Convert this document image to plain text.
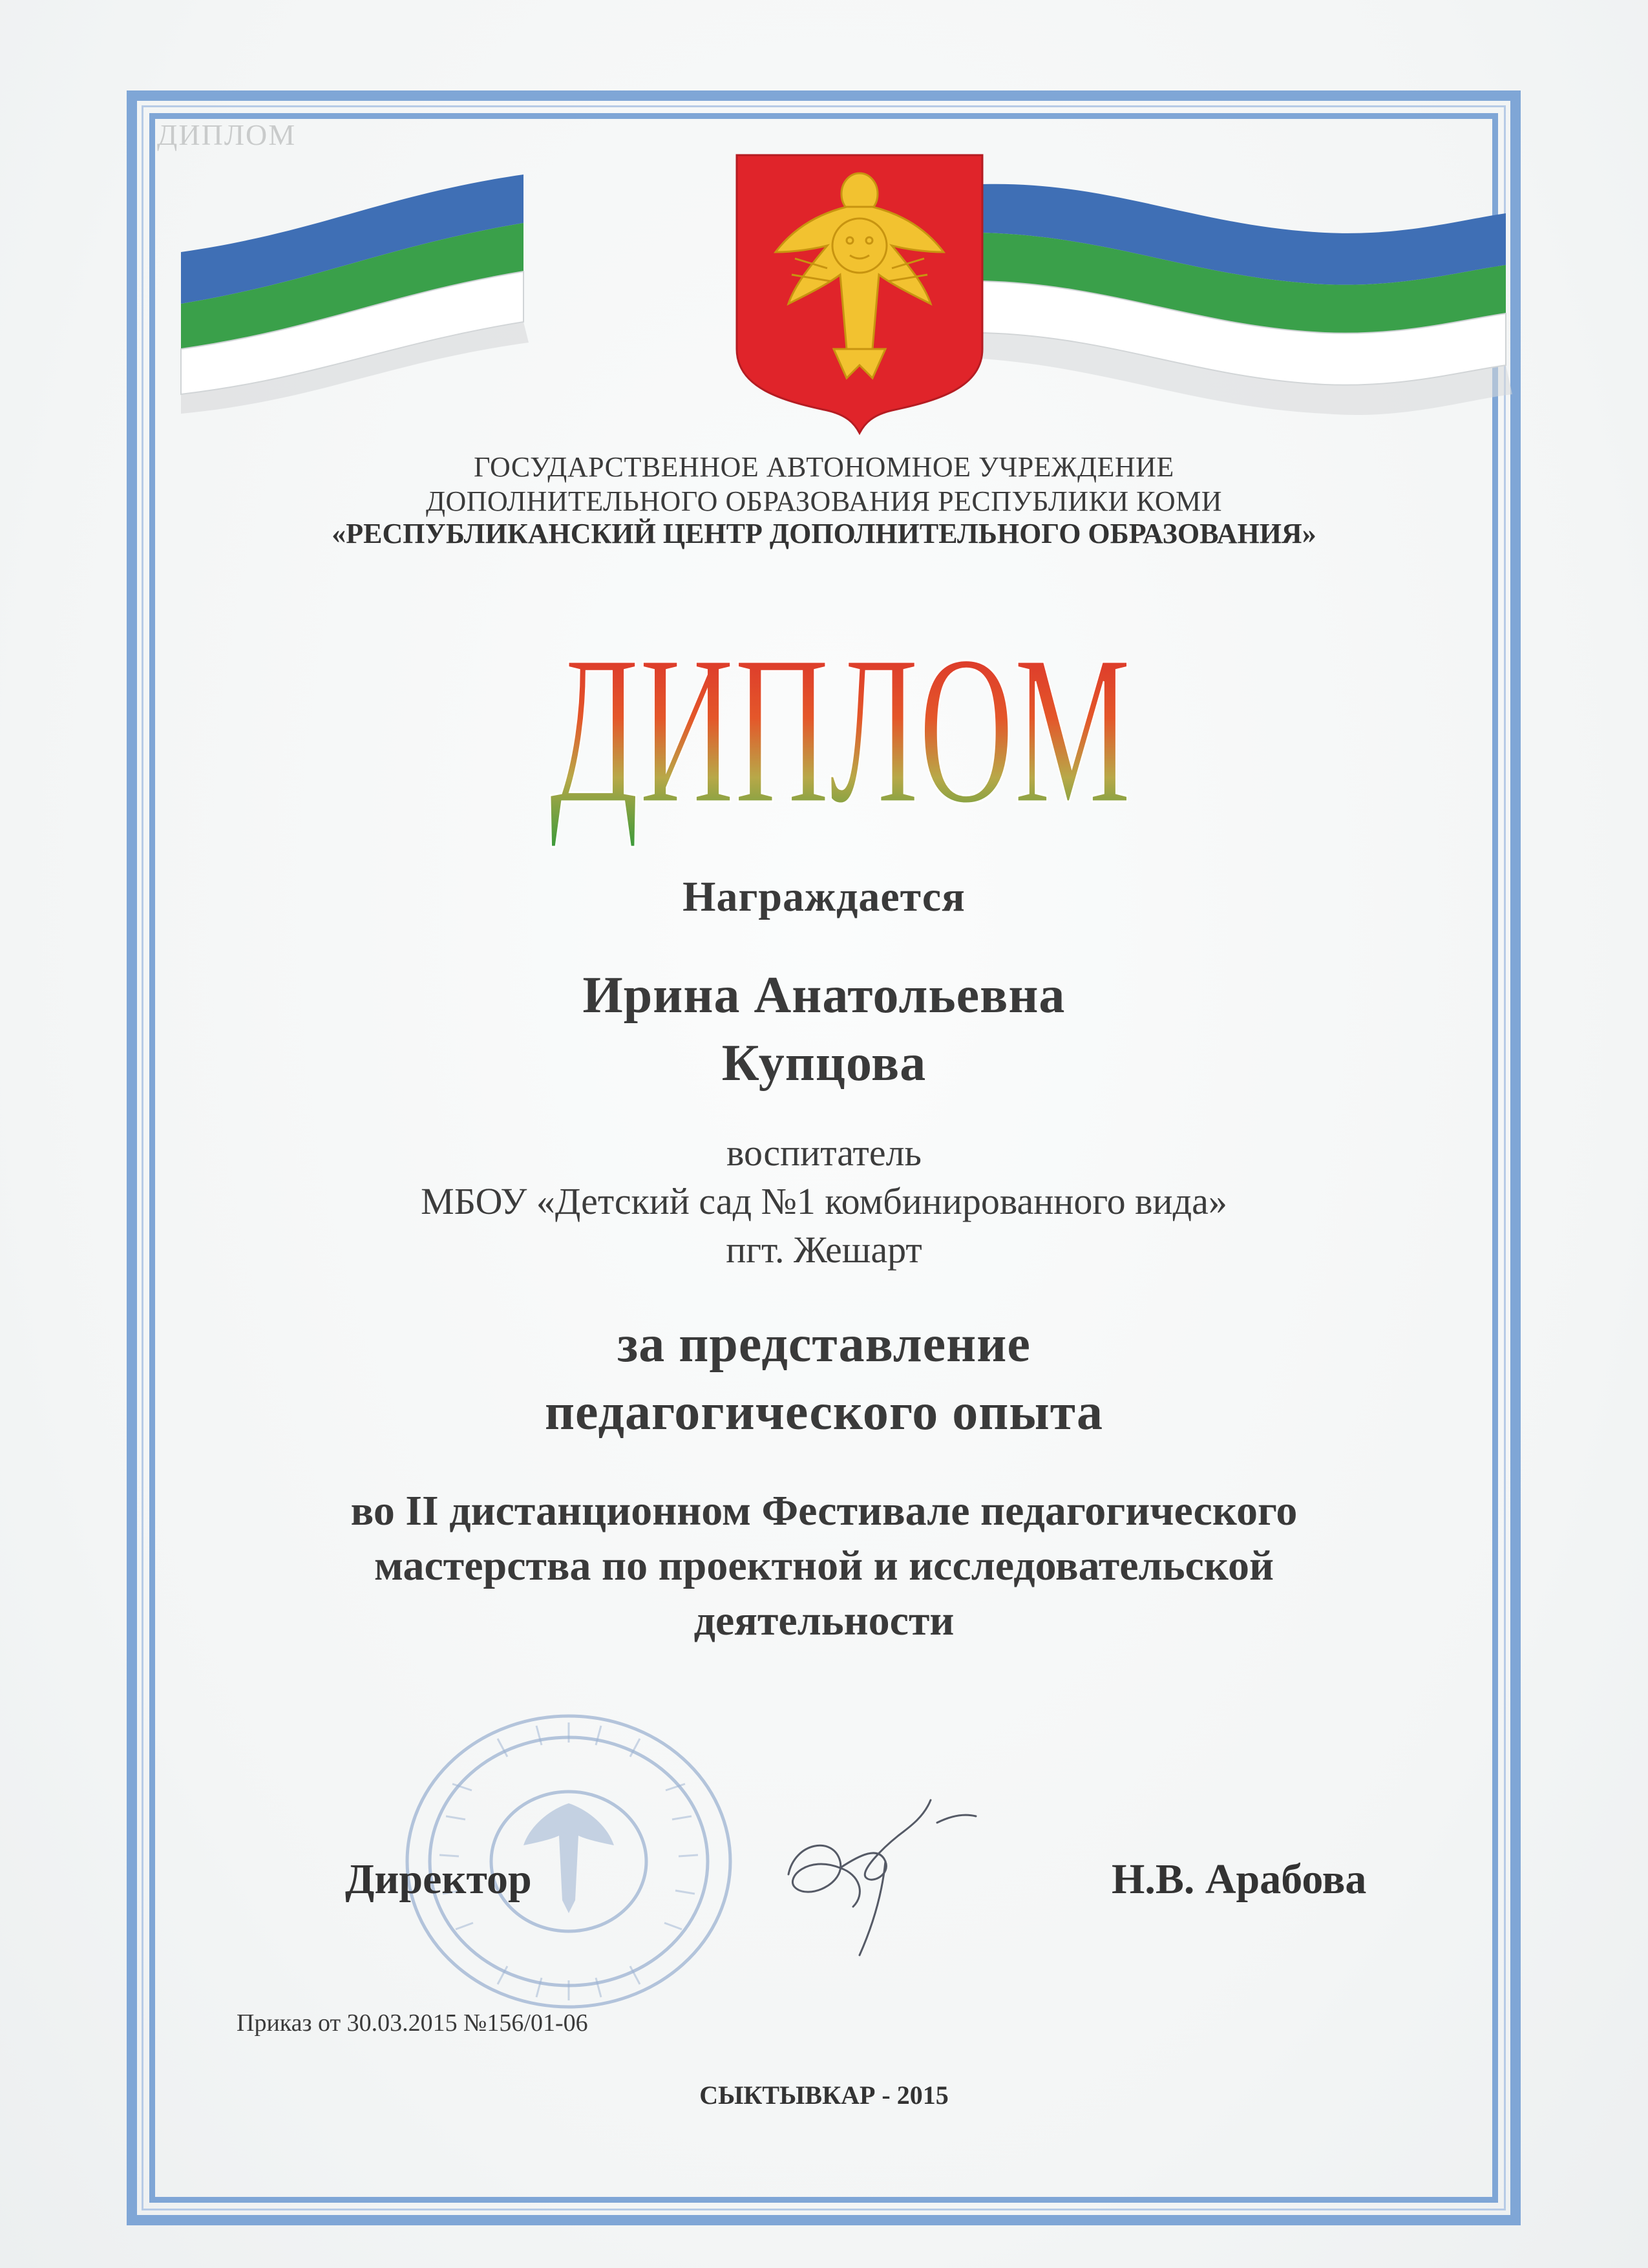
ДИПЛОМ
ГОСУДАРСТВЕННОЕ АВТОНОМНОЕ УЧРЕЖДЕНИЕ
ДОПОЛНИТЕЛЬНОГО ОБРАЗОВАНИЯ РЕСПУБЛИКИ КОМИ
«РЕСПУБЛИКАНСКИЙ ЦЕНТР ДОПОЛНИТЕЛЬНОГО ОБРАЗОВАНИЯ»
ДИПЛОМ
Награждается
Ирина Анатольевна
Купцова
воспитатель
МБОУ «Детский сад №1 комбинированного вида»
пгт. Жешарт
за представление
педагогического опыта
во II дистанционном Фестивале педагогического
мастерства по проектной и исследовательской
деятельности
Директор	Н.В. Арабова
Приказ от 30.03.2015 №156/01-06
СЫКТЫВКАР - 2015
